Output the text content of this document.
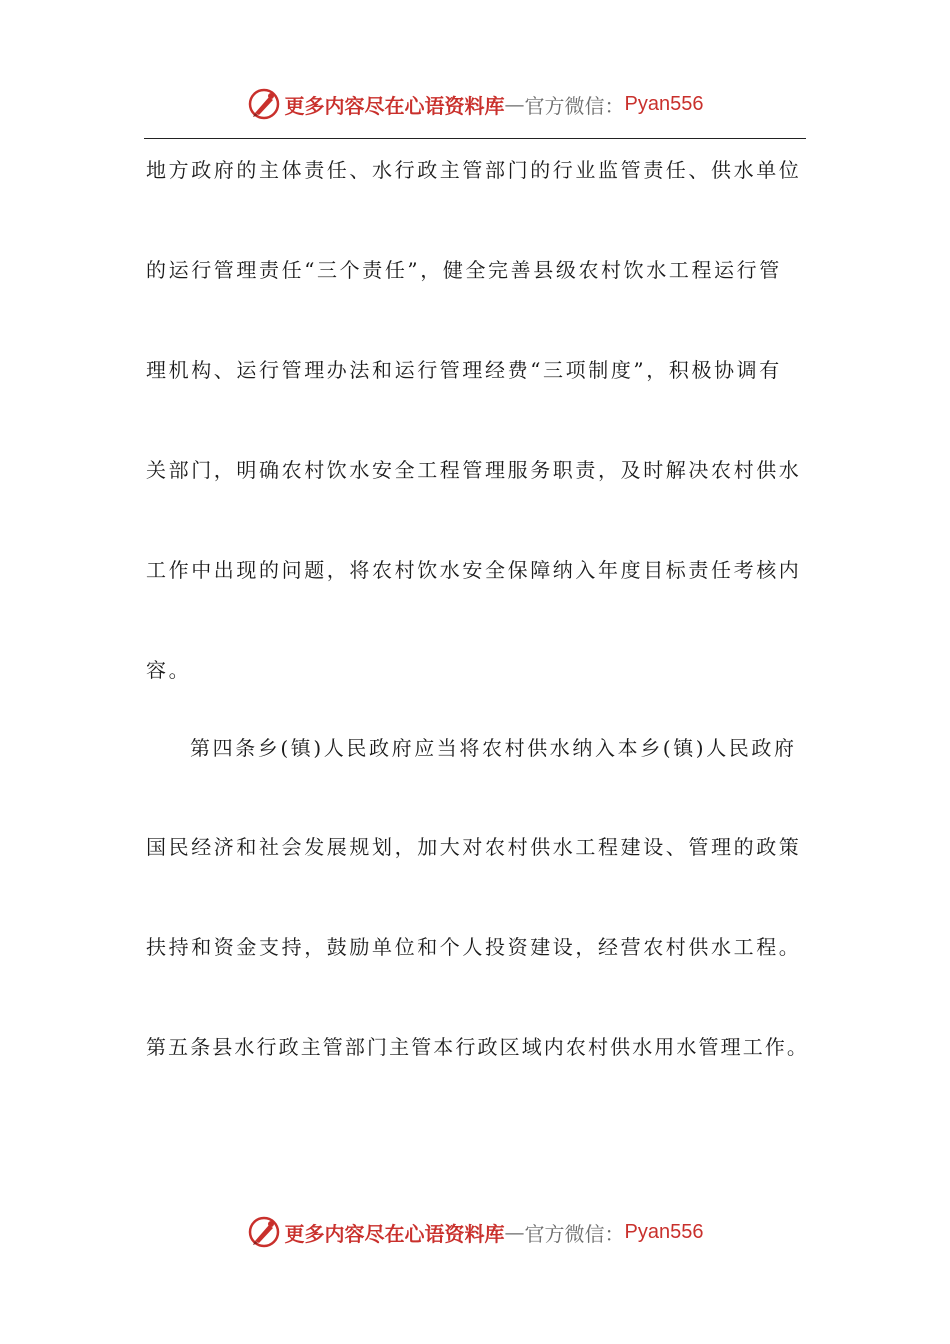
更多内容尽在心语资料库 — 官方微信： Pyan556
地方政府的主体责任、水行政主管部门的行业监管责任、供水单位
的运行管理责任“三个责任”，健全完善县级农村饮水工程运行管
理机构、运行管理办法和运行管理经费“三项制度”，积极协调有
关部门，明确农村饮水安全工程管理服务职责，及时解决农村供水
工作中出现的问题，将农村饮水安全保障纳入年度目标责任考核内
容。
第四条乡(镇)人民政府应当将农村供水纳入本乡(镇)人民政府
国民经济和社会发展规划，加大对农村供水工程建设、管理的政策
扶持和资金支持，鼓励单位和个人投资建设，经营农村供水工程。
第五条县水行政主管部门主管本行政区域内农村供水用水管理工作。
更多内容尽在心语资料库 — 官方微信： Pyan556
